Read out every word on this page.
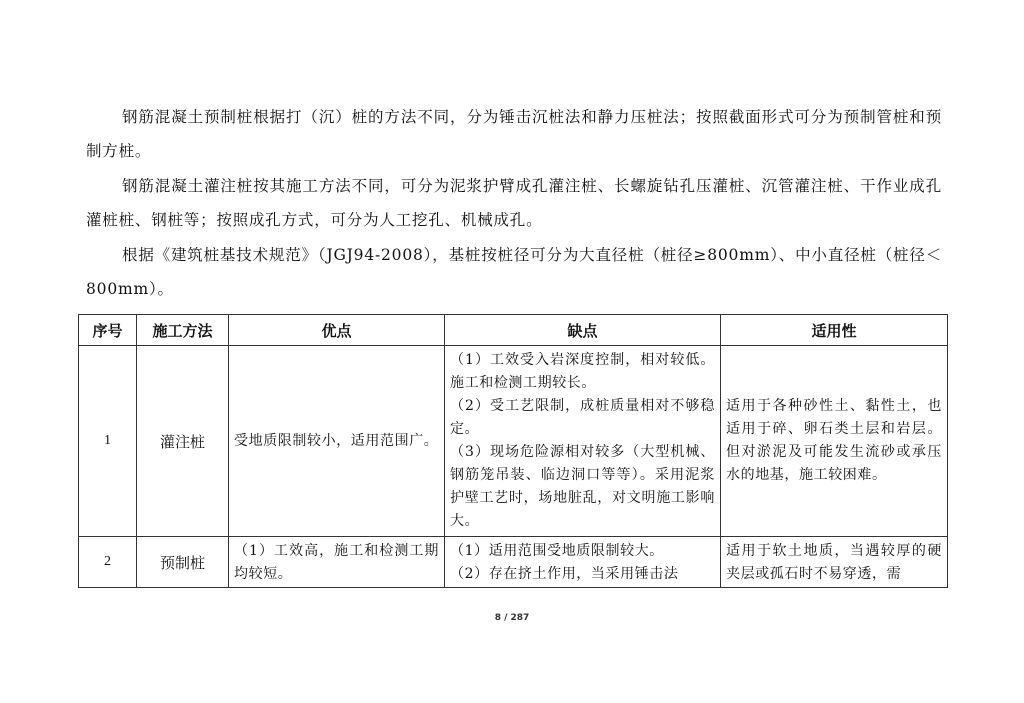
钢筋混凝土预制桩根据打（沉）桩的方法不同，分为锤击沉桩法和静力压桩法；按照截面形式可分为预制管桩和预制方桩。

钢筋混凝土灌注桩按其施工方法不同，可分为泥浆护臂成孔灌注桩、长螺旋钻孔压灌桩、沉管灌注桩、干作业成孔灌桩桩、钢桩等；按照成孔方式，可分为人工挖孔、机械成孔。

根据《建筑桩基技术规范》（JGJ94-2008），基桩按桩径可分为大直径桩（桩径≥800mm）、中小直径桩（桩径＜800mm）。

序号	施工方法	优点	缺点	适用性
1	灌注桩	受地质限制较小，适用范围广。	（1）工效受入岩深度控制，相对较低。施工和检测工期较长。
（2）受工艺限制，成桩质量相对不够稳定。
（3）现场危险源相对较多（大型机械、钢筋笼吊装、临边洞口等等）。采用泥浆护壁工艺时，场地脏乱，对文明施工影响大。	适用于各种砂性土、黏性土，也适用于碎、卵石类土层和岩层。但对淤泥及可能发生流砂或承压水的地基，施工较困难。
2	预制桩	（1）工效高，施工和检测工期均较短。	（1）适用范围受地质限制较大。
（2）存在挤土作用，当采用锤击法	适用于软土地质，当遇较厚的硬夹层或孤石时不易穿透，需
8 / 287
